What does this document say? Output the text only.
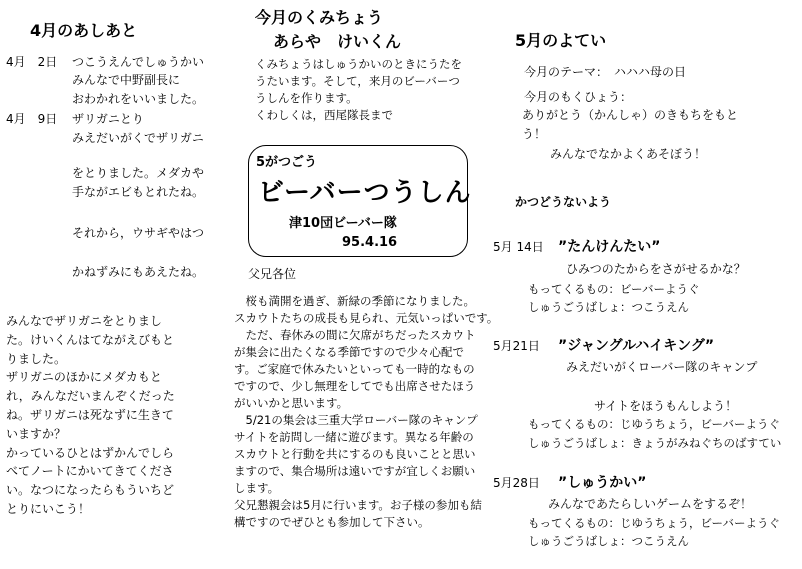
4月のあしあと
4月　2日 つこうえんでしゅうかい
みんなで中野副長に
おわかれをいいました。
4月　9日 ザリガニとり
みえだいがくでザリガニ
をとりました。メダカや
手ながエビもとれたね。
それから，ウサギやはつ
かねずみにもあえたね。
みんなでザリガニをとりまし
た。けいくんはてながえびもと
りました。
ザリガニのほかにメダカもと
れ，みんなだいまんぞくだった
ね。ザリガニは死なずに生きて
いますか？
かっているひとはずかんでしら
べてノートにかいてきてくださ
い。なつになったらもういちど
とりにいこう！
今月のくみちょう
あらや　けいくん
くみちょうはしゅうかいのときにうたを
うたいます。そして，来月のビーバーつ
うしんを作ります。
くわしくは，西尾隊長まで
5がつごう
ビーバーつうしん
津10団ビーバー隊
95.4.16
父兄各位
　桜も満開を過ぎ、新緑の季節になりました。
スカウトたちの成長も見られ、元気いっぱいです。
　ただ、春休みの間に欠席がちだったスカウト
が集会に出たくなる季節ですので少々心配で
す。ご家庭で休みたいといっても一時的なもの
ですので、少し無理をしてでも出席させたほう
がいいかと思います。
　5/21の集会は三重大学ローバー隊のキャンプ
サイトを訪問し一緒に遊びます。異なる年齢の
スカウトと行動を共にするのも良いことと思い
ますので、集合場所は遠いですが宜しくお願い
します。
父兄懇親会は5月に行います。お子様の参加も結
構ですのでぜひとも参加して下さい。
5月のよてい
今月のテーマ：　ハハハ母の日
今月のもくひょう：
ありがとう（かんしゃ）のきもちをもと
う！
みんなでなかよくあそぼう！
かつどうないよう
5月 14日 ”たんけんたい”
ひみつのたからをさがせるかな？
もってくるもの：ビーバーようぐ
しゅうごうばしょ：つこうえん
5月21日 ”ジャングルハイキング”
みえだいがくローバー隊のキャンプ
サイトをほうもんしよう！
もってくるもの：じゆうちょう，ビーバーようぐ
しゅうごうばしょ：きょうがみねぐちのばすてい
5月28日 ”しゅうかい”
みんなであたらしいゲームをするぞ！
もってくるもの：じゆうちょう，ビーバーようぐ
しゅうごうばしょ：つこうえん
